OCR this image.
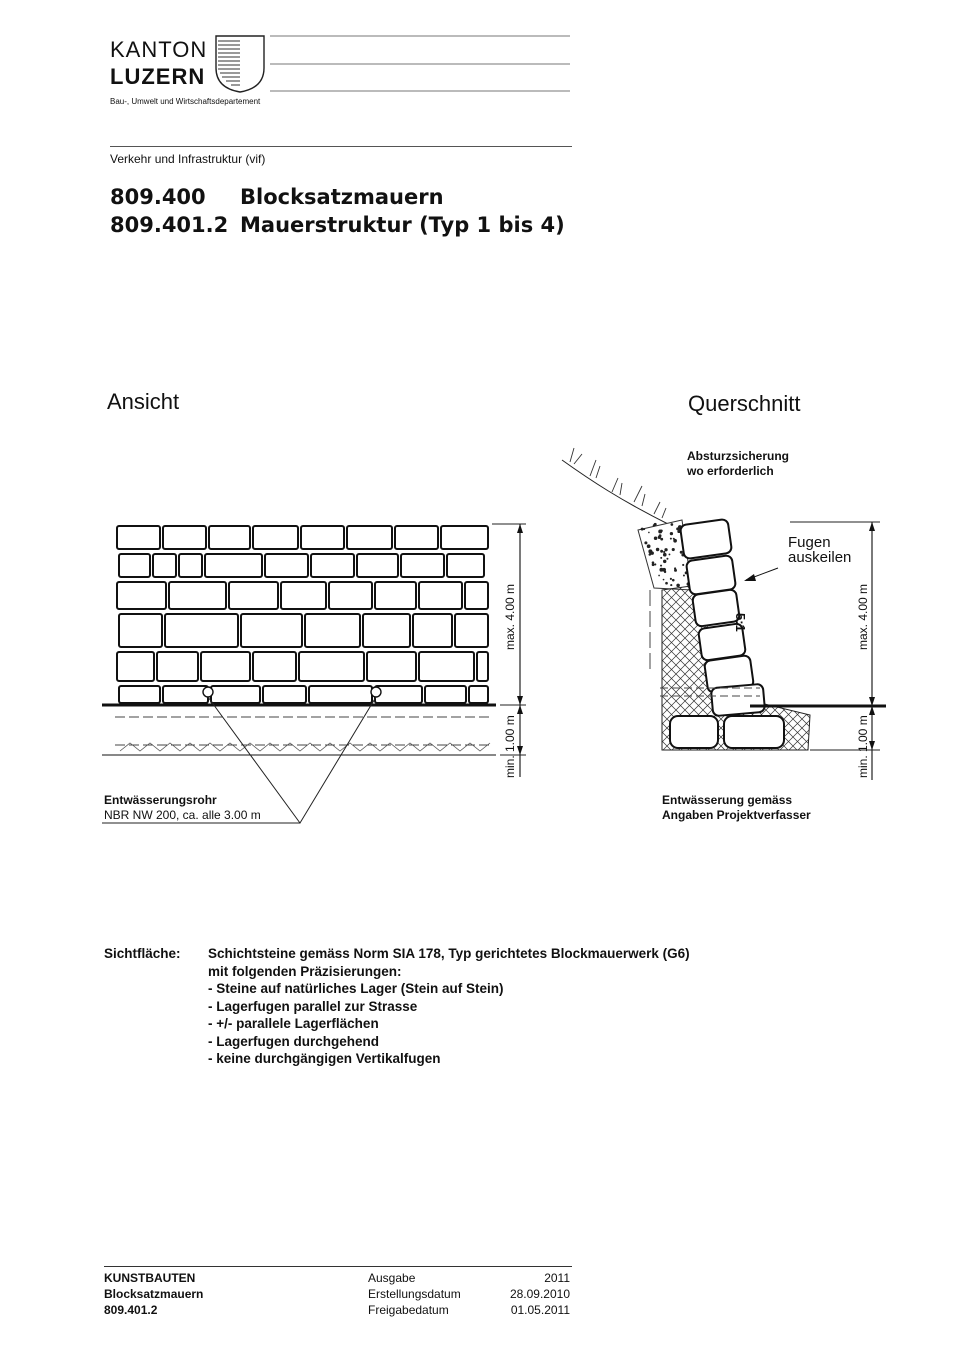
KANTON
LUZERN
Bau-, Umwelt und Wirtschaftsdepartement
Verkehr und Infrastruktur (vif)
809.400 Blocksatzmauern
809.401.2 Mauerstruktur (Typ 1 bis 4)
Ansicht	Querschnitt
max. 4.00 m
min. 1.00 m
Entwässerungsrohr
NBR NW 200, ca. alle 3.00 m
Absturzsicherung
wo erforderlich
Fugen
auskeilen
5:1	max. 4.00 m
min. 1.00 m
Entwässerung gemäss
Angaben Projektverfasser
Sichtfläche: Schichtsteine gemäss Norm SIA 178, Typ gerichtetes Blockmauerwerk (G6)
mit folgenden Präzisierungen:
- Steine auf natürliches Lager (Stein auf Stein)
- Lagerfugen parallel zur Strasse
- +/- parallele Lagerflächen
- Lagerfugen durchgehend
- keine durchgängigen Vertikalfugen
KUNSTBAUTEN
Blocksatzmauern
809.401.2
Ausgabe
Erstellungsdatum
Freigabedatum
2011
28.09.2010
01.05.2011
